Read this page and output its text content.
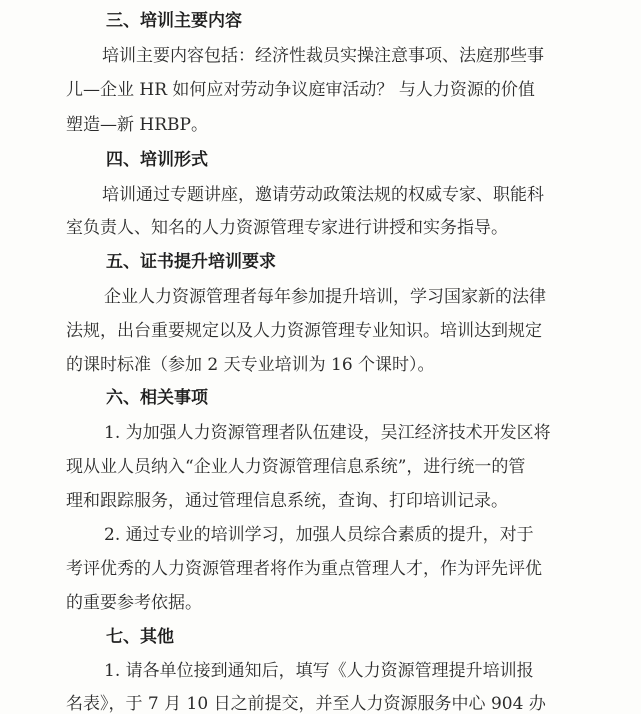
三、培训主要内容
培训主要内容包括：经济性裁员实操注意事项、法庭那些事
儿—企业 HR 如何应对劳动争议庭审活动？ 与人力资源的价值
塑造—新 HRBP。
四、培训形式
培训通过专题讲座，邀请劳动政策法规的权威专家、职能科
室负责人、知名的人力资源管理专家进行讲授和实务指导。
五、证书提升培训要求
企业人力资源管理者每年参加提升培训，学习国家新的法律
法规，出台重要规定以及人力资源管理专业知识。培训达到规定
的课时标准（参加 2 天专业培训为 16 个课时）。
六、相关事项
1. 为加强人力资源管理者队伍建设，吴江经济技术开发区将
现从业人员纳入“企业人力资源管理信息系统”，进行统一的管
理和跟踪服务，通过管理信息系统，查询、打印培训记录。
2. 通过专业的培训学习，加强人员综合素质的提升，对于
考评优秀的人力资源管理者将作为重点管理人才，作为评先评优
的重要参考依据。
七、其他
1. 请各单位接到通知后，填写《人力资源管理提升培训报
名表》，于 7 月 10 日之前提交，并至人力资源服务中心 904 办
